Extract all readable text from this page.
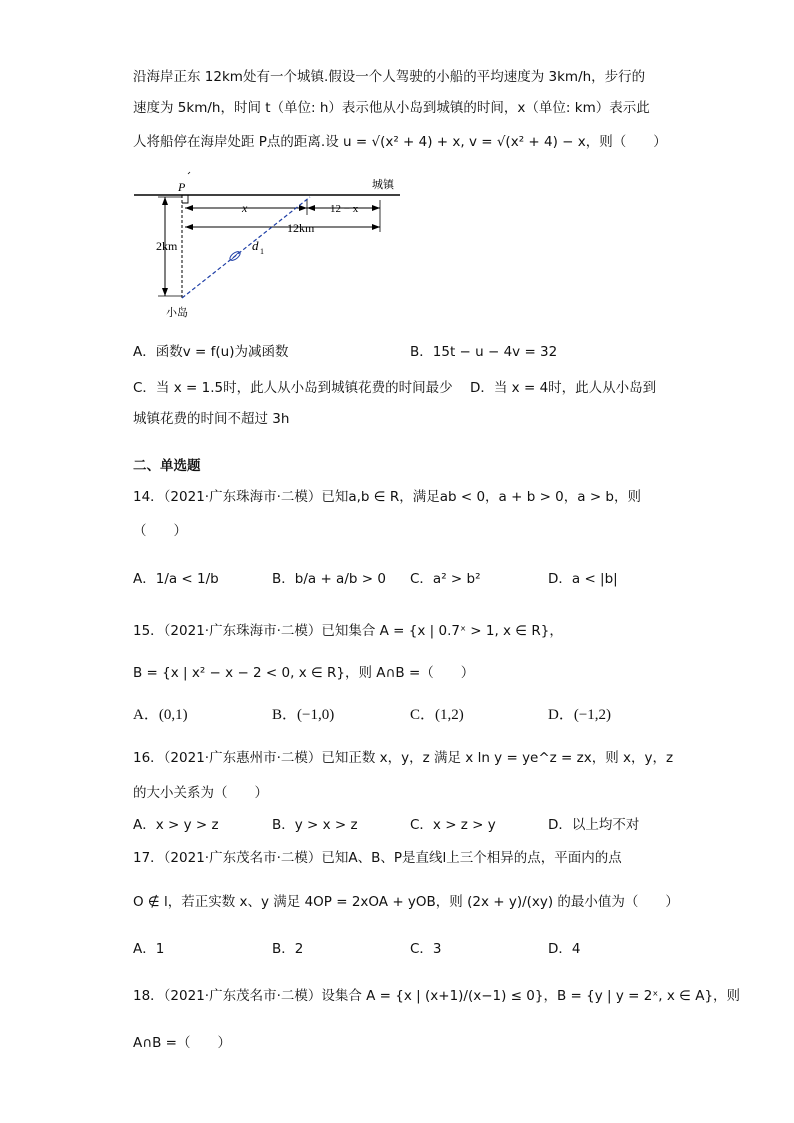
沿海岸正东 12km处有一个城镇.假设一个人驾驶的小船的平均速度为 3km/h，步行的
速度为 5km/h，时间 t（单位: h）表示他从小岛到城镇的时间，x（单位: km）表示此
人将船停在海岸处距 P点的距离.设 u = √(x² + 4) + x, v = √(x² + 4) − x，则（　　）
P	城镇
2km
x	12 − x
12km
d 1
小岛
A．函数v = f(u)为减函数	B．15t − u − 4v = 32
C．当 x = 1.5时，此人从小岛到城镇花费的时间最少 D．当 x = 4时，此人从小岛到
城镇花费的时间不超过 3h
二、单选题
14．（2021·广东珠海市·二模）已知a,b ∈ R，满足ab < 0，a + b > 0，a > b，则
（　　）
A．1/a < 1/b	B．b/a + a/b > 0 C．a² > b²	D．a < |b|
15．（2021·广东珠海市·二模）已知集合 A = {x | 0.7ˣ > 1, x ∈ R}，
B = {x | x² − x − 2 < 0, x ∈ R}，则 A∩B =（　　）
A．(0,1)	B．(−1,0)	C．(1,2)	D．(−1,2)
16．（2021·广东惠州市·二模）已知正数 x，y，z 满足 x ln y = ye^z = zx，则 x，y，z
的大小关系为（　　）
A．x > y > z	B．y > x > z	C．x > z > y	D．以上均不对
17．（2021·广东茂名市·二模）已知A、B、P是直线l上三个相异的点，平面内的点
O ∉ l，若正实数 x、y 满足 4OP = 2xOA + yOB，则 (2x + y)/(xy) 的最小值为（　　）
A．1	B．2	C．3	D．4
18．（2021·广东茂名市·二模）设集合 A = {x | (x+1)/(x−1) ≤ 0}，B = {y | y = 2ˣ, x ∈ A}，则
A∩B =（　　）
